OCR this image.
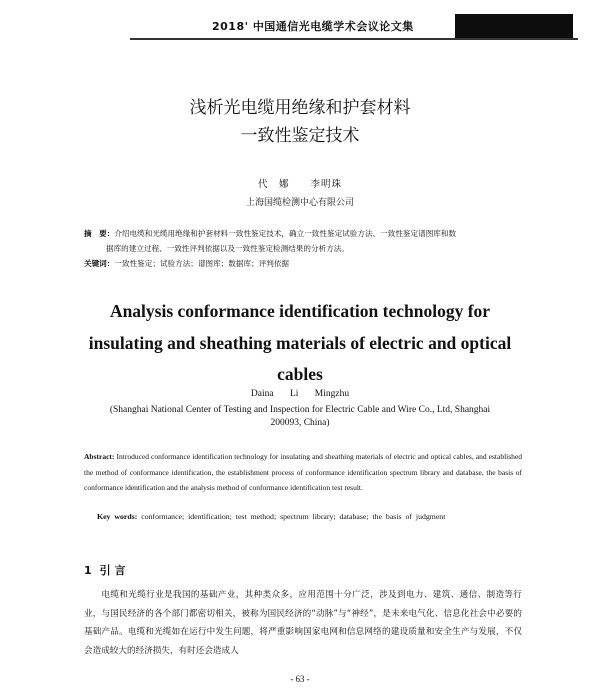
2018' 中国通信光电缆学术会议论文集
浅析光电缆用绝缘和护套材料
一致性鉴定技术
代　娜　　李明珠
上海国缆检测中心有限公司
摘　要：介绍电缆和光缆用绝缘和护套材料一致性鉴定技术，确立一致性鉴定试验方法、一致性鉴定谱图库和数
据库的建立过程、一致性评判依据以及一致性鉴定检测结果的分析方法。
关键词：一致性鉴定；试验方法；谱图库；数据库；评判依据
Analysis conformance identification technology for
insulating and sheathing materials of electric and optical
cables
Daina Li Mingzhu
(Shanghai National Center of Testing and Inspection for Electric Cable and Wire Co., Ltd, Shanghai
200093, China)
Abstract: Introduced conformance identification technology for insulating and sheathing materials of electric and optical cables, and established the method of conformance identification, the establishment process of conformance identification spectrum library and database, the basis of conformance identification and the analysis method of conformance identification test result.
Key words: conformance; identification; test method; spectrum library; database; the basis of judgment
1 引 言
电缆和光缆行业是我国的基础产业，其种类众多，应用范围十分广泛，涉及到电力、建筑、通信、制造等行业，与国民经济的各个部门都密切相关，被称为国民经济的“动脉”与“神经”，是未来电气化、信息化社会中必要的基础产品。电缆和光缆如在运行中发生问题，将严重影响国家电网和信息网络的建设质量和安全生产与发展，不仅会造成较大的经济损失，有时还会造成人
- 63 -
